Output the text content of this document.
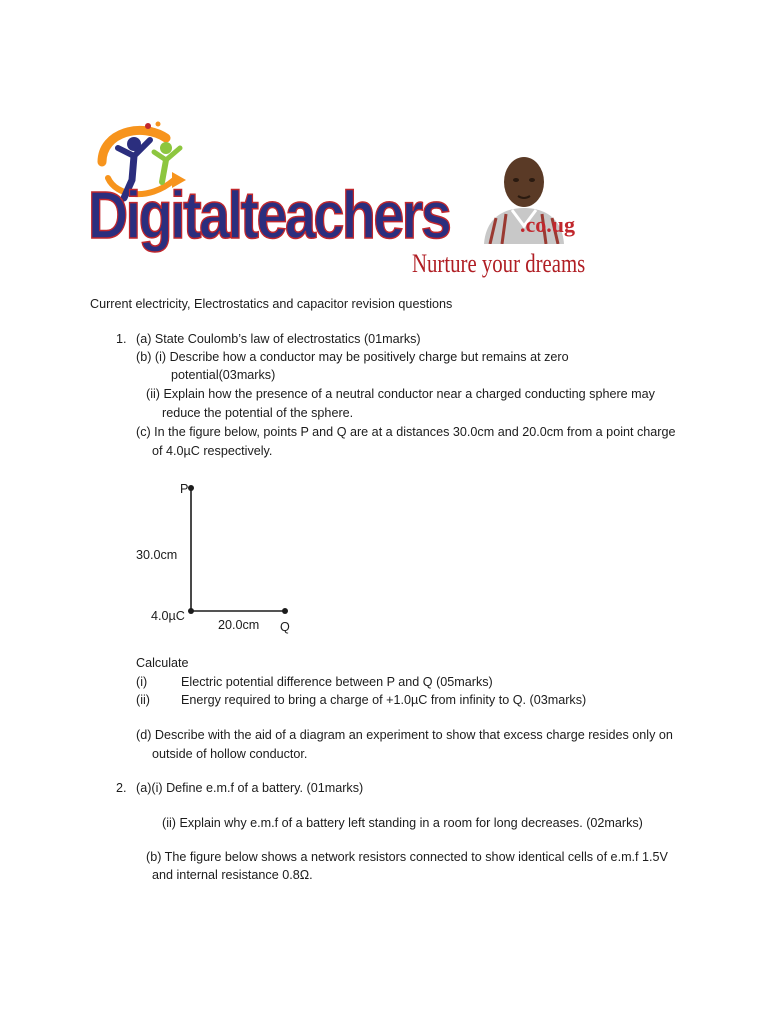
Digitalteachers	.co.ug
Nurture your dreams
Current electricity, Electrostatics and capacitor revision questions
1. (a) State Coulomb’s law of electrostatics (01marks)
(b) (i) Describe how a conductor may be positively charge but remains at zero
potential(03marks)
(ii) Explain how the presence of a neutral conductor near a charged conducting sphere may
reduce the potential of the sphere.
(c) In the figure below, points P and Q are at a distances 30.0cm and 20.0cm from a point charge
of 4.0µC respectively.
P
30.0cm
4.0µC
20.0cm Q
Calculate
(i)	Electric potential difference between P and Q (05marks)
(ii) Energy required to bring a charge of +1.0µC from infinity to Q. (03marks)
(d) Describe with the aid of a diagram an experiment to show that excess charge resides only on
outside of hollow conductor.
2. (a)(i) Define e.m.f of a battery. (01marks)
(ii) Explain why e.m.f of a battery left standing in a room for long decreases. (02marks)
(b) The figure below shows a network resistors connected to show identical cells of e.m.f 1.5V
and internal resistance 0.8Ω.
